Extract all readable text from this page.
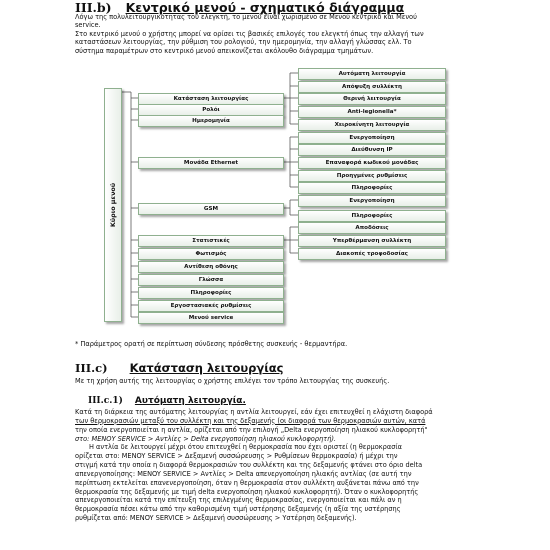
III.b) Κεντρικό μενού - σχηματικό διάγραμμα
Λόγω της πολυλειτουργικότητας του ελεγκτή, το μενού είναι χωρισμένο σε Μενού κεντρικό και Μενού
service.
Στο κεντρικό μενού ο χρήστης μπορεί να ορίσει τις βασικές επιλογές του ελεγκτή όπως την αλλαγή των
καταστάσεων λειτουργίας, την ρύθμιση του ρολογιού, την ημερομηνία, την αλλαγή γλώσσας ελλ. Το
σύστημα παραμέτρων στο κεντρικό μενού απεικονίζεται ακόλουθο διάγραμμα τμημάτων.
Κύριο μενού
Κατάσταση λειτουργίας
Ρολόι
Ημερομηνία
Μονάδα Ethernet
GSM
Στατιστικές
Φωτισμός
Αντίθεση οθόνης
Γλώσσα
Πληροφορίες
Εργοστασιακές ρυθμίσεις
Μενού service
Αυτόματη λειτουργία
Απόψυξη συλλέκτη
Θερινή λειτουργία
Anti-legionella*
Χειροκίνητη λειτουργία
Ενεργοποίηση
Διεύθυνση IP
Επαναφορά κωδικού μονάδας
Προηγμένες ρυθμίσεις
Πληροφορίες
Ενεργοποίηση
Πληροφορίες
Αποδόσεις
Υπερθέρμανση συλλέκτη
Διακοπές τροφοδοσίας
* Παράμετρος ορατή σε περίπτωση σύνδεσης πρόσθετης συσκευής - θερμαντήρα.
III.c) Κατάσταση λειτουργίας
Με τη χρήση αυτής της λειτουργίας ο χρήστης επιλέγει τον τρόπο λειτουργίας της συσκευής.
III.c.1) Αυτόματη λειτουργία.
Κατά τη διάρκεια της αυτόματης λειτουργίας η αντλία λειτουργεί, εάν έχει επιτευχθεί η ελάχιστη διαφορά
των θερμοκρασιών μεταξύ του συλλέκτη και της δεξαμενής (οι διαφορά των θερμοκρασιών αυτών, κατά
την οποία ενεργοποιείται η αντλία, ορίζεται από την επιλογή „Delta ενεργοποίηση ηλιακού κυκλοφορητή"
στο: MENOY SERVICE > Αντλίες > Delta ενεργοποίηση ηλιακού κυκλοφορητή).
Η αντλία δε λειτουργεί μέχρι ότου επιτευχθεί η θερμοκρασία που έχει οριστεί (η θερμοκρασία
ορίζεται στο: MENOY SERVICE > Δεξαμενή συσσώρευσης > Ρυθμίσεων θερμοκρασία) ή μέχρι την
στιγμή κατά την οποία η διαφορά θερμοκρασιών του συλλέκτη και της δεξαμενής φτάνει στο όριο delta
απενεργοποίησης: MENOY SERVICE > Αντλίες > Delta απενεργοποίηση ηλιακής αντλίας (σε αυτή την
περίπτωση εκτελείται επανενεργοποίηση, όταν η θερμοκρασία στον συλλέκτη αυξάνεται πάνω από την
θερμοκρασία της δεξαμενής με τιμή delta ενεργοποίηση ηλιακού κυκλοφορητή). Όταν ο κυκλοφορητής
απενεργοποιείται κατά την επίτευξη της επιλεγμένης θερμοκρασίας, ενεργοποιείται και πάλι αν η
θερμοκρασία πέσει κάτω από την καθορισμένη τιμή υστέρησης δεξαμενής (η αξία της υστέρησης
ρυθμίζεται από: MENOY SERVICE > Δεξαμενή συσσώρευσης > Υστέρηση δεξαμενής).
